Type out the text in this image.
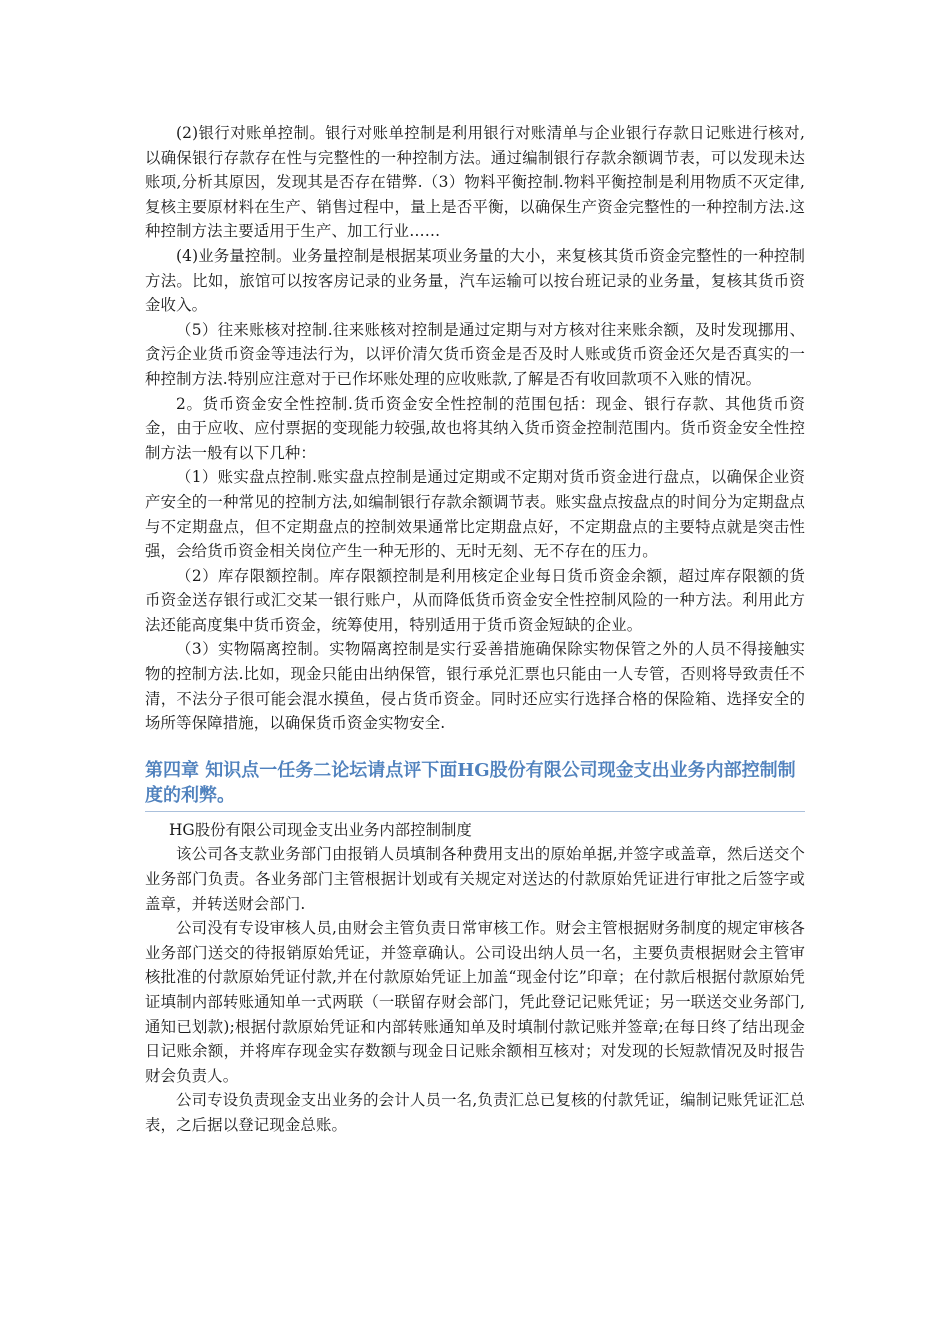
(2)银行对账单控制。银行对账单控制是利用银行对账清单与企业银行存款日记账进行核对,以确保银行存款存在性与完整性的一种控制方法。通过编制银行存款余额调节表，可以发现未达账项,分析其原因，发现其是否存在错弊.（3）物料平衡控制.物料平衡控制是利用物质不灭定律,复核主要原材料在生产、销售过程中，量上是否平衡，以确保生产资金完整性的一种控制方法.这种控制方法主要适用于生产、加工行业……

(4)业务量控制。业务量控制是根据某项业务量的大小，来复核其货币资金完整性的一种控制方法。比如，旅馆可以按客房记录的业务量，汽车运输可以按台班记录的业务量，复核其货币资金收入。

（5）往来账核对控制.往来账核对控制是通过定期与对方核对往来账余额，及时发现挪用、贪污企业货币资金等违法行为，以评价清欠货币资金是否及时人账或货币资金还欠是否真实的一种控制方法.特别应注意对于已作坏账处理的应收账款,了解是否有收回款项不入账的情况。

2。货币资金安全性控制.货币资金安全性控制的范围包括：现金、银行存款、其他货币资金，由于应收、应付票据的变现能力较强,故也将其纳入货币资金控制范围内。货币资金安全性控制方法一般有以下几种：

（1）账实盘点控制.账实盘点控制是通过定期或不定期对货币资金进行盘点，以确保企业资产安全的一种常见的控制方法,如编制银行存款余额调节表。账实盘点按盘点的时间分为定期盘点与不定期盘点，但不定期盘点的控制效果通常比定期盘点好，不定期盘点的主要特点就是突击性强，会给货币资金相关岗位产生一种无形的、无时无刻、无不存在的压力。

（2）库存限额控制。库存限额控制是利用核定企业每日货币资金余额，超过库存限额的货币资金送存银行或汇交某一银行账户，从而降低货币资金安全性控制风险的一种方法。利用此方法还能高度集中货币资金，统筹使用，特别适用于货币资金短缺的企业。

（3）实物隔离控制。实物隔离控制是实行妥善措施确保除实物保管之外的人员不得接触实物的控制方法.比如，现金只能由出纳保管，银行承兑汇票也只能由一人专管，否则将导致责任不清，不法分子很可能会混水摸鱼，侵占货币资金。同时还应实行选择合格的保险箱、选择安全的场所等保障措施，以确保货币资金实物安全.

第四章 知识点一任务二论坛请点评下面HG股份有限公司现金支出业务内部控制制度的利弊。

HG股份有限公司现金支出业务内部控制制度

该公司各支款业务部门由报销人员填制各种费用支出的原始单据,并签字或盖章，然后送交个业务部门负责。各业务部门主管根据计划或有关规定对送达的付款原始凭证进行审批之后签字或盖章，并转送财会部门.

公司没有专设审核人员,由财会主管负责日常审核工作。财会主管根据财务制度的规定审核各业务部门送交的待报销原始凭证，并签章确认。公司设出纳人员一名，主要负责根据财会主管审核批准的付款原始凭证付款,并在付款原始凭证上加盖“现金付讫”印章；在付款后根据付款原始凭证填制内部转账通知单一式两联（一联留存财会部门，凭此登记记账凭证；另一联送交业务部门,通知已划款);根据付款原始凭证和内部转账通知单及时填制付款记账并签章;在每日终了结出现金日记账余额，并将库存现金实存数额与现金日记账余额相互核对；对发现的长短款情况及时报告财会负责人。

公司专设负责现金支出业务的会计人员一名,负责汇总已复核的付款凭证，编制记账凭证汇总表，之后据以登记现金总账。
